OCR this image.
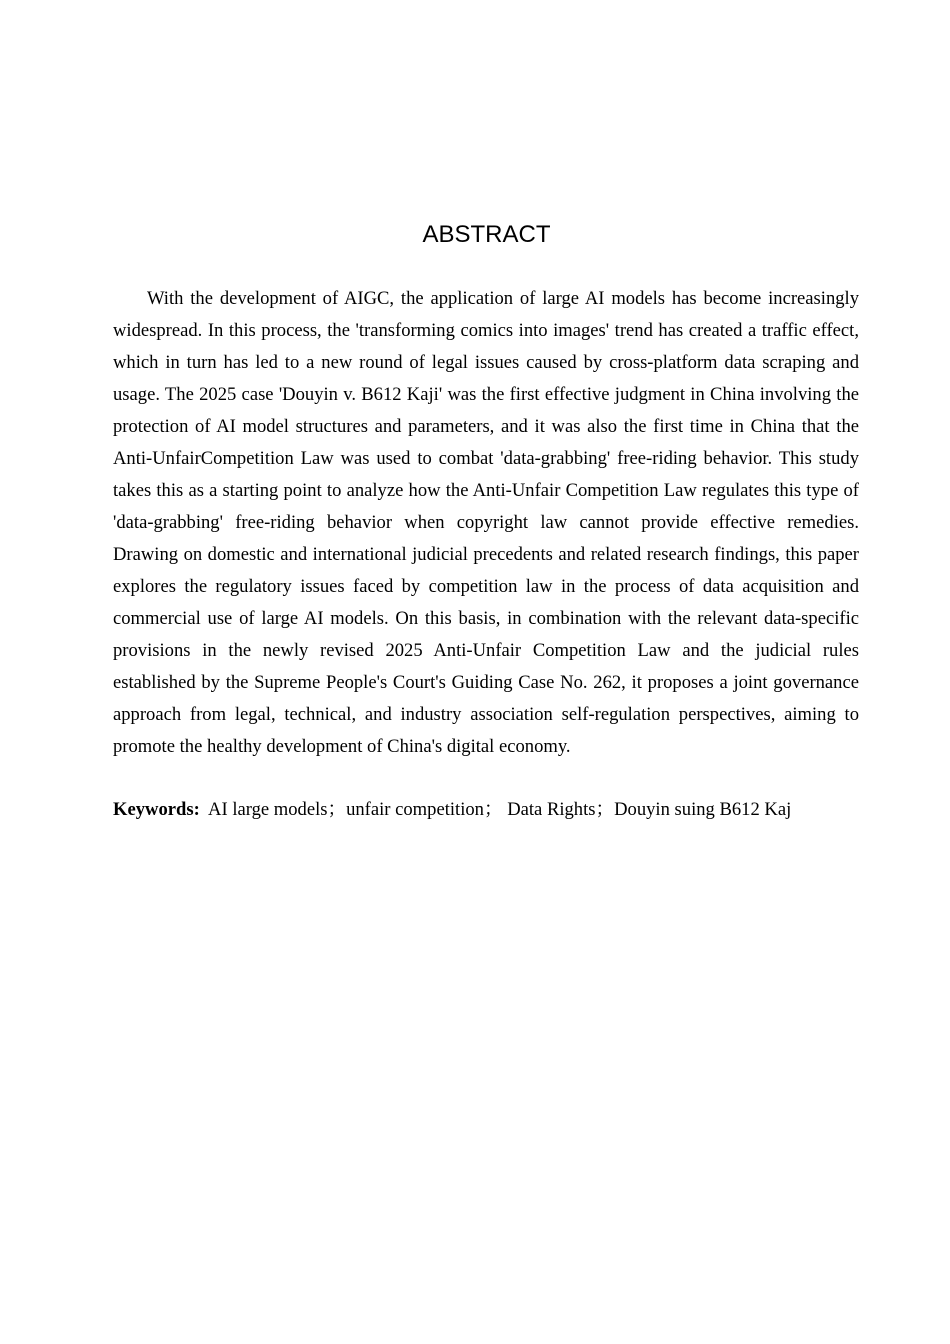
ABSTRACT

With the development of AIGC, the application of large AI models has become increasingly widespread. In this process, the 'transforming comics into images' trend has created a traffic effect, which in turn has led to a new round of legal issues caused by cross-platform data scraping and usage. The 2025 case 'Douyin v. B612 Kaji' was the first effective judgment in China involving the protection of AI model structures and parameters, and it was also the first time in China that the Anti-UnfairCompetition Law was used to combat 'data-grabbing' free-riding behavior. This study takes this as a starting point to analyze how the Anti-Unfair Competition Law regulates this type of 'data-grabbing' free-riding behavior when copyright law cannot provide effective remedies. Drawing on domestic and international judicial precedents and related research findings, this paper explores the regulatory issues faced by competition law in the process of data acquisition and commercial use of large AI models. On this basis, in combination with the relevant data-specific provisions in the newly revised 2025 Anti-Unfair Competition Law and the judicial rules established by the Supreme People's Court's Guiding Case No. 262, it proposes a joint governance approach from legal, technical, and industry association self-regulation perspectives, aiming to promote the healthy development of China's digital economy.

Keywords: AI large models；unfair competition； Data Rights；Douyin suing B612 Kaj
